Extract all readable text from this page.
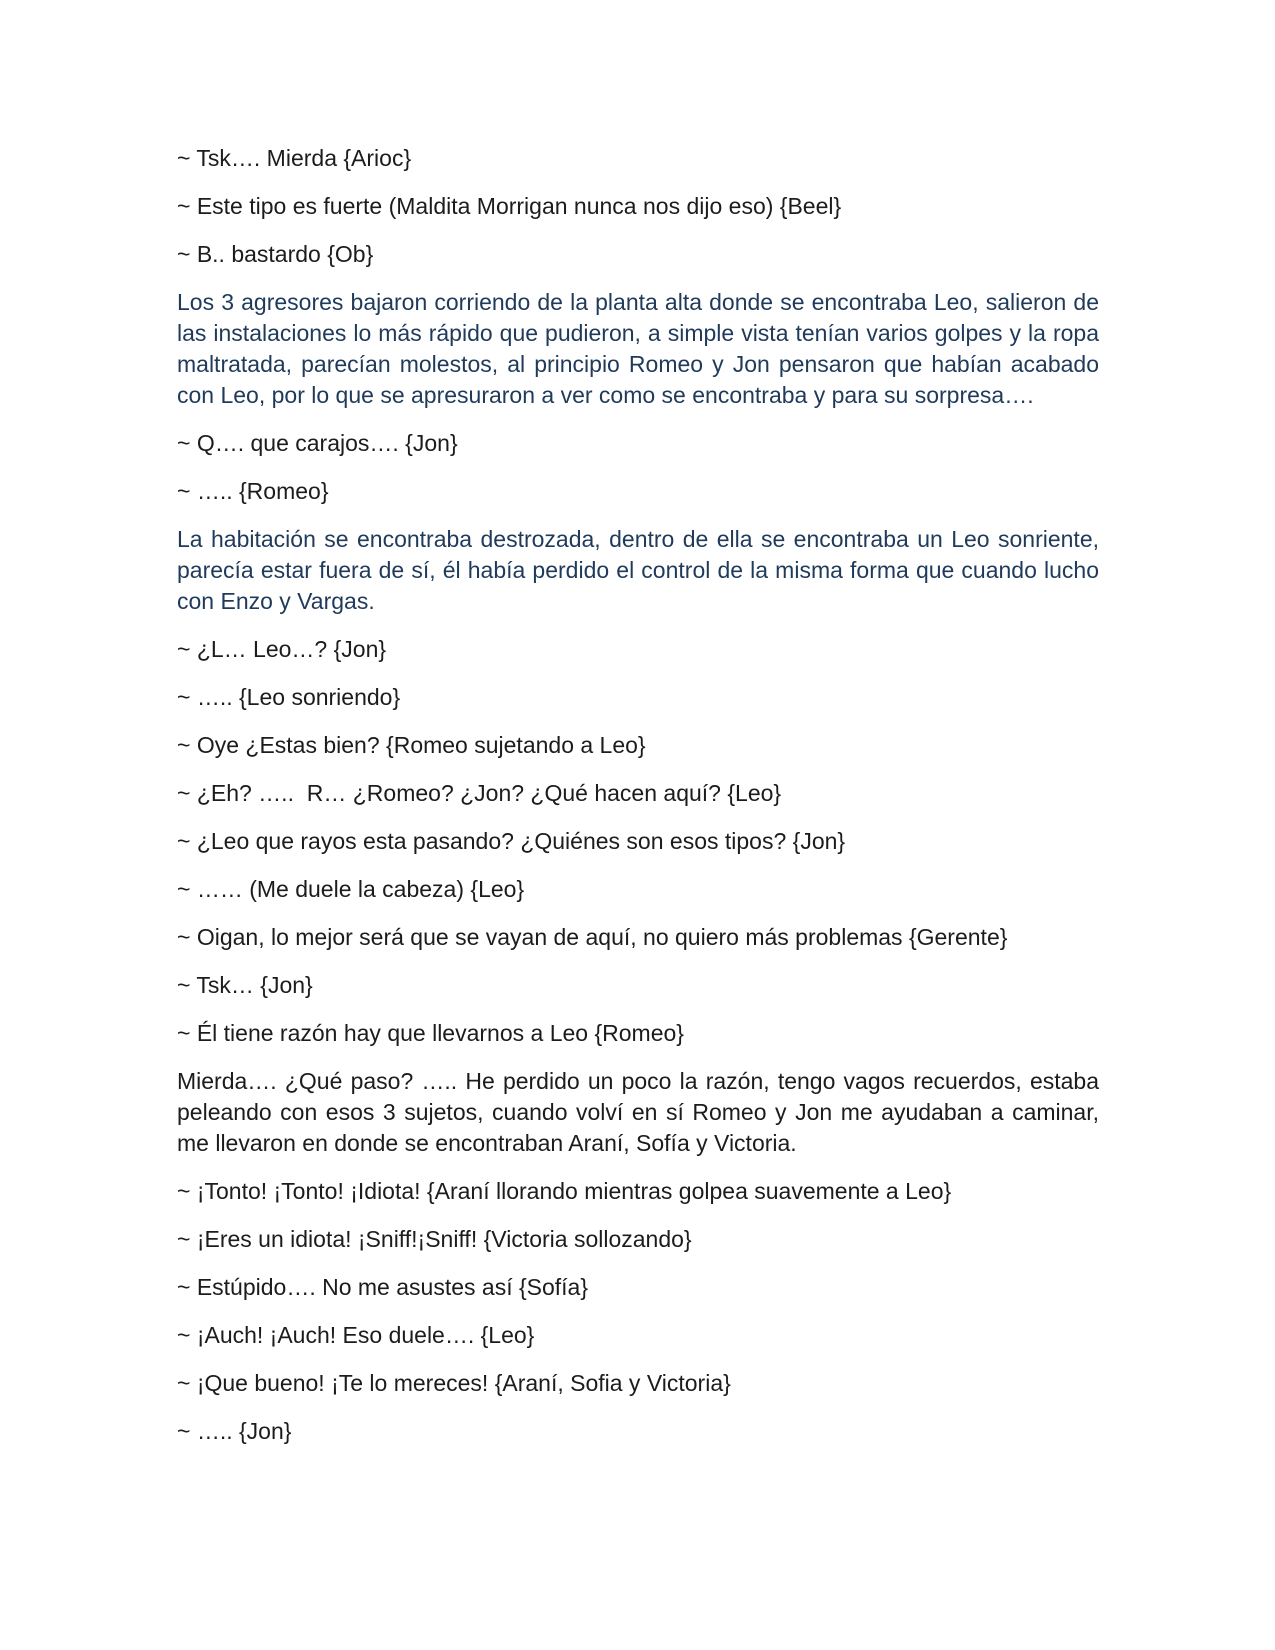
~ Tsk…. Mierda {Arioc}

~ Este tipo es fuerte (Maldita Morrigan nunca nos dijo eso) {Beel}

~ B.. bastardo {Ob}

Los 3 agresores bajaron corriendo de la planta alta donde se encontraba Leo, salieron de las instalaciones lo más rápido que pudieron, a simple vista tenían varios golpes y la ropa maltratada, parecían molestos, al principio Romeo y Jon pensaron que habían acabado con Leo, por lo que se apresuraron a ver como se encontraba y para su sorpresa….

~ Q…. que carajos…. {Jon}

~ ….. {Romeo}

La habitación se encontraba destrozada, dentro de ella se encontraba un Leo sonriente, parecía estar fuera de sí, él había perdido el control de la misma forma que cuando lucho con Enzo y Vargas.

~ ¿L… Leo…? {Jon}

~ ….. {Leo sonriendo}

~ Oye ¿Estas bien? {Romeo sujetando a Leo}

~ ¿Eh? …..  R… ¿Romeo? ¿Jon? ¿Qué hacen aquí? {Leo}

~ ¿Leo que rayos esta pasando? ¿Quiénes son esos tipos? {Jon}

~ …… (Me duele la cabeza) {Leo}

~ Oigan, lo mejor será que se vayan de aquí, no quiero más problemas {Gerente}

~ Tsk… {Jon}

~ Él tiene razón hay que llevarnos a Leo {Romeo}

Mierda…. ¿Qué paso? ….. He perdido un poco la razón, tengo vagos recuerdos, estaba peleando con esos 3 sujetos, cuando volví en sí Romeo y Jon me ayudaban a caminar, me llevaron en donde se encontraban Araní, Sofía y Victoria.

~ ¡Tonto! ¡Tonto! ¡Idiota! {Araní llorando mientras golpea suavemente a Leo}

~ ¡Eres un idiota! ¡Sniff!¡Sniff! {Victoria sollozando}

~ Estúpido…. No me asustes así {Sofía}

~ ¡Auch! ¡Auch! Eso duele…. {Leo}

~ ¡Que bueno! ¡Te lo mereces! {Araní, Sofia y Victoria}

~ ….. {Jon}
